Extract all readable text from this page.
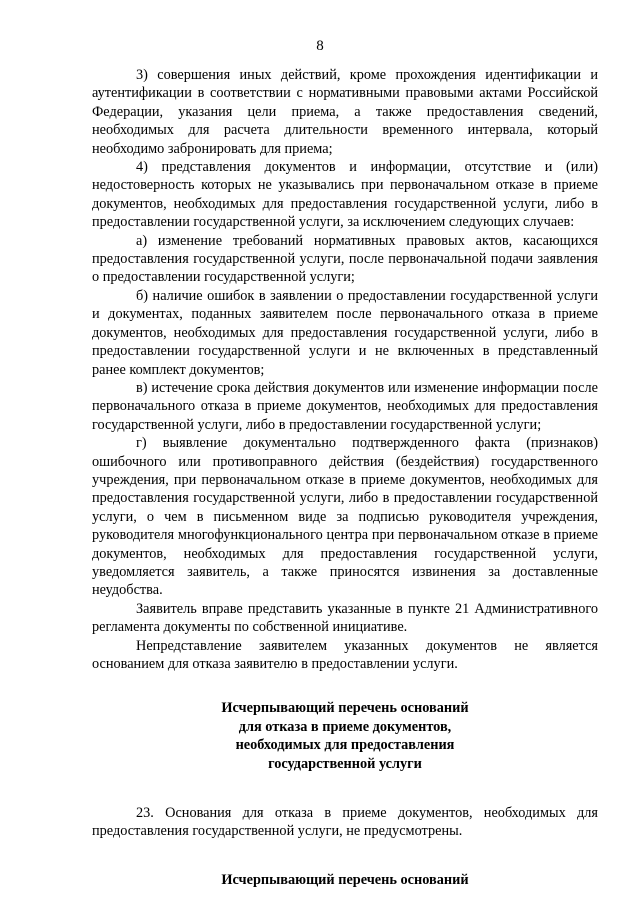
8

3) совершения иных действий, кроме прохождения идентификации и аутентификации в соответствии с нормативными правовыми актами Российской Федерации, указания цели приема, а также предоставления сведений, необходимых для расчета длительности временного интервала, который необходимо забронировать для приема;

4) представления документов и информации, отсутствие и (или) недостоверность которых не указывались при первоначальном отказе в приеме документов, необходимых для предоставления государственной услуги, либо в предоставлении государственной услуги, за исключением следующих случаев:

а) изменение требований нормативных правовых актов, касающихся предоставления государственной услуги, после первоначальной подачи заявления о предоставлении государственной услуги;

б) наличие ошибок в заявлении о предоставлении государственной услуги и документах, поданных заявителем после первоначального отказа в приеме документов, необходимых для предоставления государственной услуги, либо в предоставлении государственной услуги и не включенных в представленный ранее комплект документов;

в) истечение срока действия документов или изменение информации после первоначального отказа в приеме документов, необходимых для предоставления государственной услуги, либо в предоставлении государственной услуги;

г) выявление документально подтвержденного факта (признаков) ошибочного или противоправного действия (бездействия) государственного учреждения, при первоначальном отказе в приеме документов, необходимых для предоставления государственной услуги, либо в предоставлении государственной услуги, о чем в письменном виде за подписью руководителя учреждения, руководителя многофункционального центра при первоначальном отказе в приеме документов, необходимых для предоставления государственной услуги, уведомляется заявитель, а также приносятся извинения за доставленные неудобства.

Заявитель вправе представить указанные в пункте 21 Административного регламента документы по собственной инициативе.

Непредставление заявителем указанных документов не является основанием для отказа заявителю в предоставлении услуги.

Исчерпывающий перечень оснований

для отказа в приеме документов,

необходимых для предоставления

государственной услуги

23. Основания для отказа в приеме документов, необходимых для предоставления государственной услуги, не предусмотрены.

Исчерпывающий перечень оснований
